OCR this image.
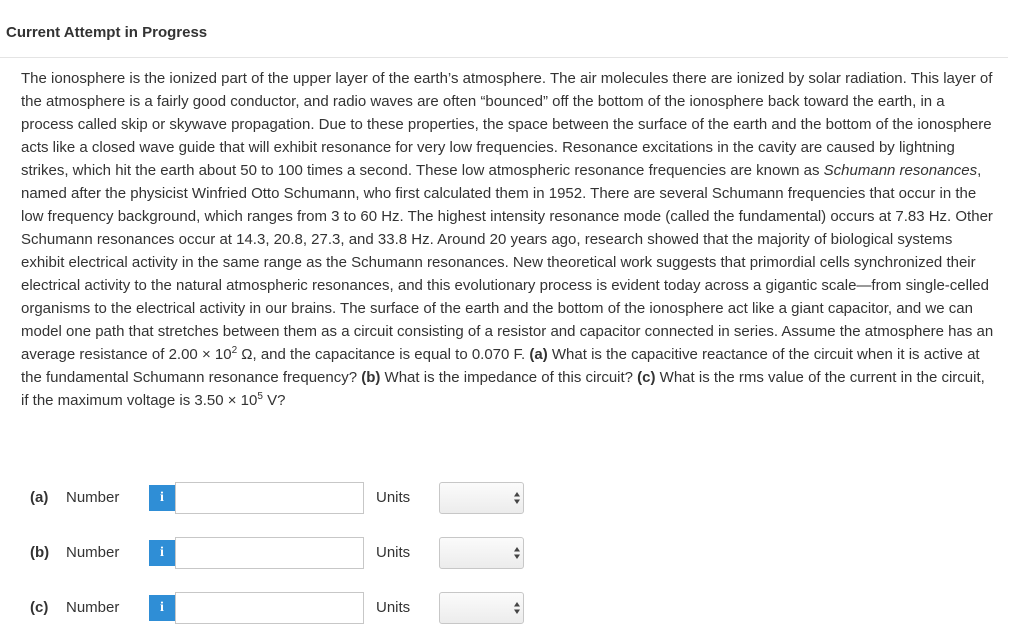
Current Attempt in Progress
The ionosphere is the ionized part of the upper layer of the earth’s atmosphere. The air molecules there are ionized by solar radiation. This layer of the atmosphere is a fairly good conductor, and radio waves are often “bounced” off the bottom of the ionosphere back toward the earth, in a process called skip or skywave propagation. Due to these properties, the space between the surface of the earth and the bottom of the ionosphere acts like a closed wave guide that will exhibit resonance for very low frequencies. Resonance excitations in the cavity are caused by lightning strikes, which hit the earth about 50 to 100 times a second. These low atmospheric resonance frequencies are known as Schumann resonances, named after the physicist Winfried Otto Schumann, who first calculated them in 1952. There are several Schumann frequencies that occur in the low frequency background, which ranges from 3 to 60 Hz. The highest intensity resonance mode (called the fundamental) occurs at 7.83 Hz. Other Schumann resonances occur at 14.3, 20.8, 27.3, and 33.8 Hz. Around 20 years ago, research showed that the majority of biological systems exhibit electrical activity in the same range as the Schumann resonances. New theoretical work suggests that primordial cells synchronized their electrical activity to the natural atmospheric resonances, and this evolutionary process is evident today across a gigantic scale—from single-celled organisms to the electrical activity in our brains. The surface of the earth and the bottom of the ionosphere act like a giant capacitor, and we can model one path that stretches between them as a circuit consisting of a resistor and capacitor connected in series. Assume the atmosphere has an average resistance of $2.00 \times 10^2$ Ω, and the capacitance is equal to 0.070 F. (a) What is the capacitive reactance of the circuit when it is active at the fundamental Schumann resonance frequency? (b) What is the impedance of this circuit? (c) What is the rms value of the current in the circuit, if the maximum voltage is $3.50 \times 10^5$ V?
(a) Number	i	Units
(b) Number	i	Units
(c) Number	i	Units
